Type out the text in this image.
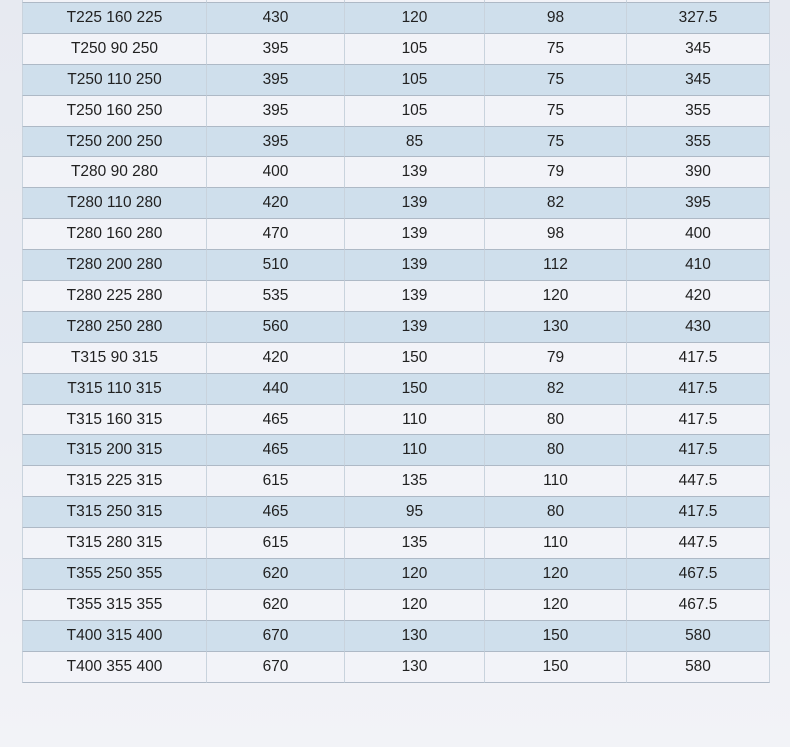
T225 160 225	430	120	98	327.5
T250 90 250	395	105	75	345
T250 110 250	395	105	75	345
T250 160 250	395	105	75	355
T250 200 250	395	85	75	355
T280 90 280	400	139	79	390
T280 110 280	420	139	82	395
T280 160 280	470	139	98	400
T280 200 280	510	139	112	410
T280 225 280	535	139	120	420
T280 250 280	560	139	130	430
T315 90 315	420	150	79	417.5
T315 110 315	440	150	82	417.5
T315 160 315	465	110	80	417.5
T315 200 315	465	110	80	417.5
T315 225 315	615	135	110	447.5
T315 250 315	465	95	80	417.5
T315 280 315	615	135	110	447.5
T355 250 355	620	120	120	467.5
T355 315 355	620	120	120	467.5
T400 315 400	670	130	150	580
T400 355 400	670	130	150	580
